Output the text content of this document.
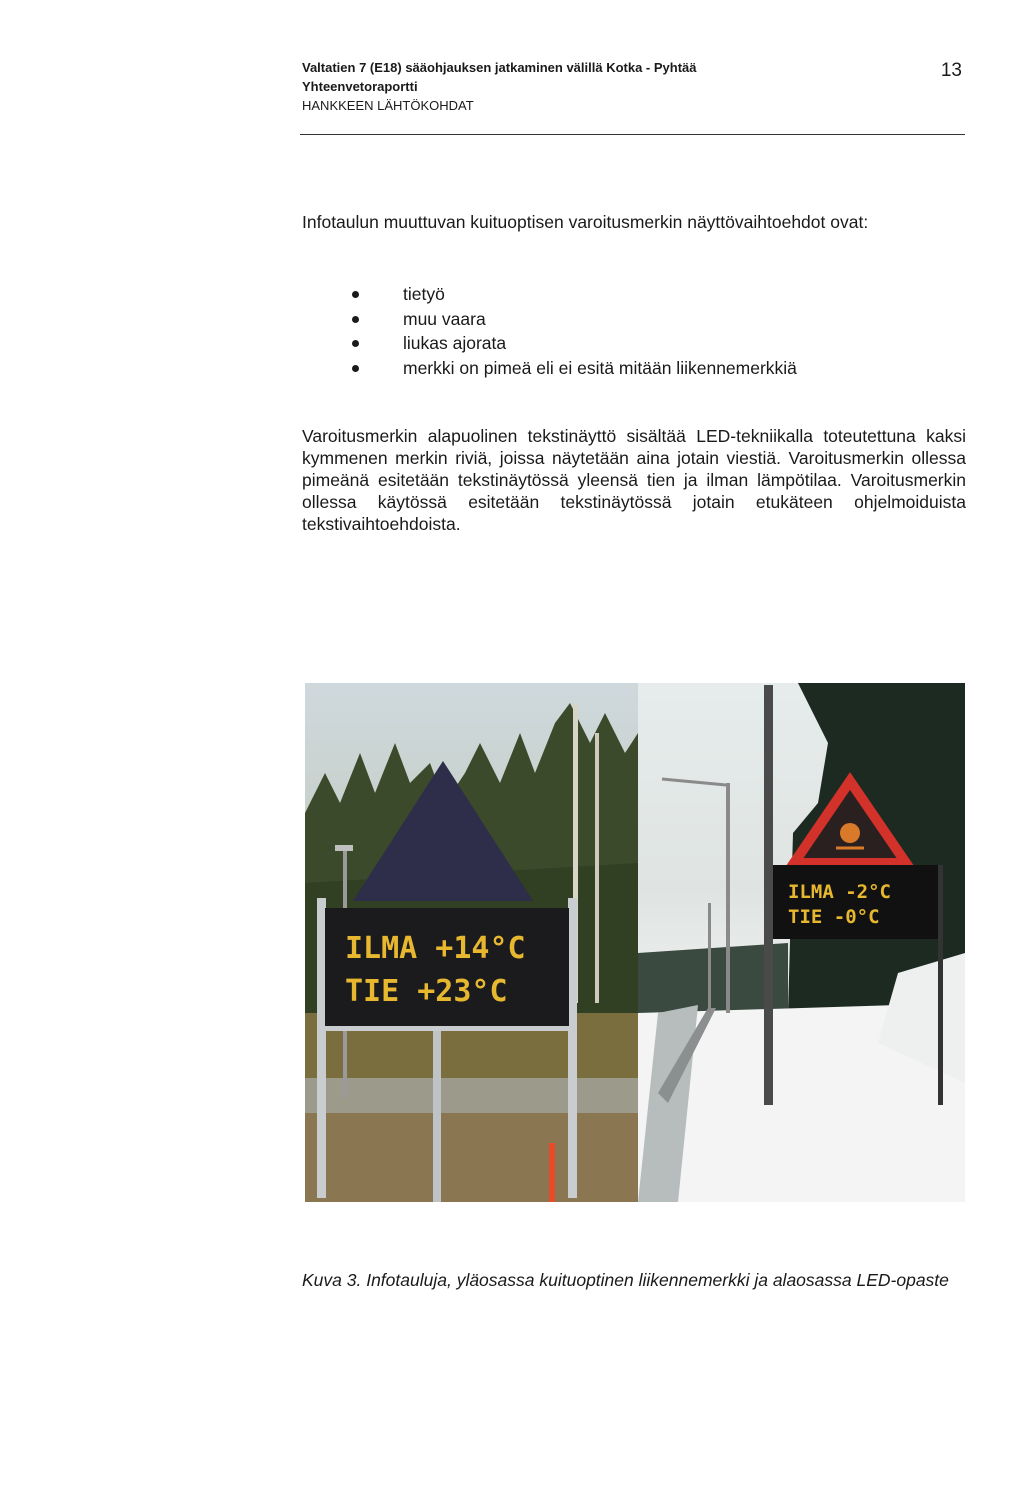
Valtatien 7 (E18) sääohjauksen jatkaminen välillä Kotka - Pyhtää
Yhteenvetoraportti
HANKKEEN LÄHTÖKOHDAT
13
Infotaulun muuttuvan kuituoptisen varoitusmerkin näyttövaihtoehdot ovat:
tietyö
muu vaara
liukas ajorata
merkki on pimeä eli ei esitä mitään liikennemerkkiä
Varoitusmerkin alapuolinen tekstinäyttö sisältää LED-tekniikalla toteutettuna kaksi kymmenen merkin riviä, joissa näytetään aina jotain viestiä. Varoitusmerkin ollessa pimeänä esitetään tekstinäytössä yleensä tien ja ilman lämpötilaa. Varoitusmerkin ollessa käytössä esitetään tekstinäytössä jotain etukäteen ohjelmoiduista tekstivaihtoehdoista.
ILMA +14°C
TIE +23°C
ILMA -2°C
TIE -0°C
Kuva 3. Infotauluja, yläosassa kuituoptinen liikennemerkki ja alaosassa LED-opaste
